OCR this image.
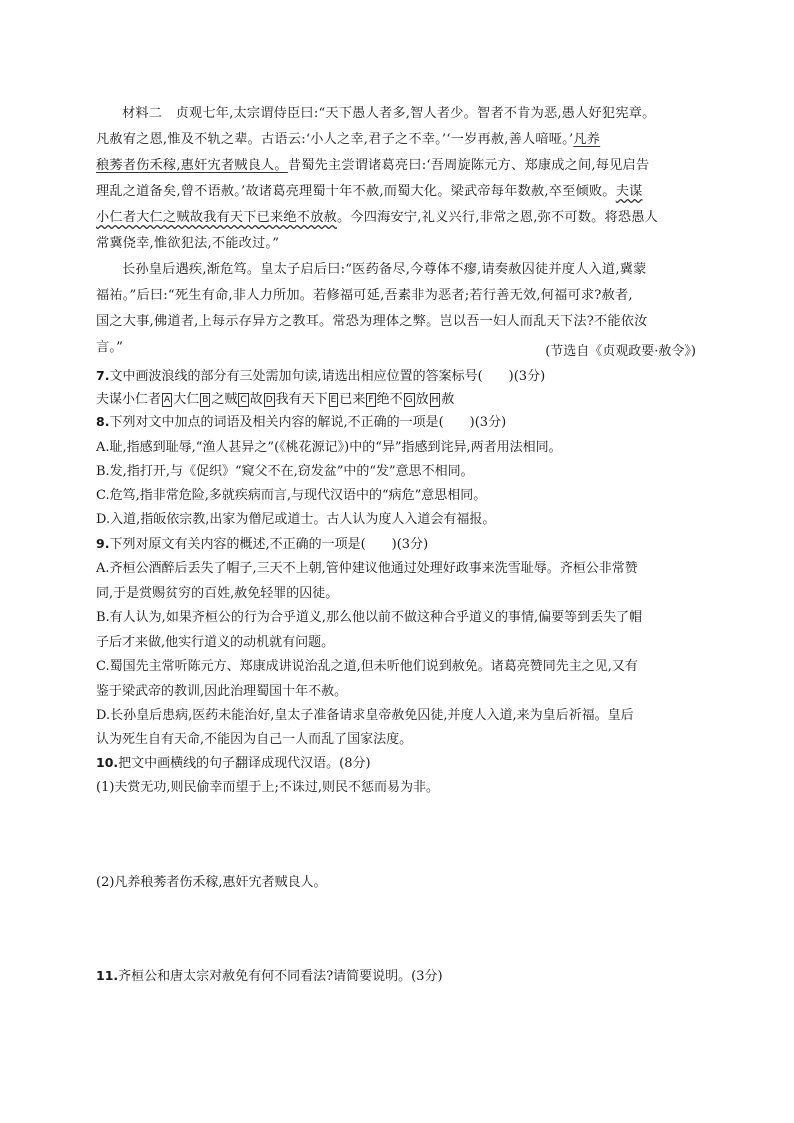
材料二　贞观七年,太宗谓侍臣曰:“天下愚人者多,智人者少。智者不肯为恶,愚人好犯宪章。
凡赦宥之恩,惟及不轨之辈。古语云:‘小人之幸,君子之不幸。’‘一岁再赦,善人喑哑。’凡养
稂莠者伤禾稼,惠奸宄者贼良人。昔蜀先主尝谓诸葛亮曰:‘吾周旋陈元方、郑康成之间,每见启告
理乱之道备矣,曾不语赦。’故诸葛亮理蜀十年不赦,而蜀大化。梁武帝每年数赦,卒至倾败。夫谋
小仁者大仁之贼故我有天下已来绝不放赦。今四海安宁,礼义兴行,非常之恩,弥不可数。将恐愚人
常冀侥幸,惟欲犯法,不能改过。”
长孙皇后遇疾,渐危笃。皇太子启后曰:“医药备尽,今尊体不瘳,请奏赦囚徒并度人入道,冀蒙
福祐。”后曰:“死生有命,非人力所加。若修福可延,吾素非为恶者;若行善无效,何福可求?赦者,
国之大事,佛道者,上每示存异方之教耳。常恐为理体之弊。岂以吾一妇人而乱天下法?不能依汝
言。”	(节选自《贞观政要·赦令》)
7.文中画波浪线的部分有三处需加句读,请选出相应位置的答案标号(　　)(3分)
夫谋小仁者 A 大仁 B 之贼 C 故 D 我有天下 E 已来 F 绝不 G 放 H 赦
8.下列对文中加点的词语及相关内容的解说,不正确的一项是(　　)(3分)
A.耻,指感到耻辱,“渔人甚异之”(《桃花源记》)中的“异”指感到诧异,两者用法相同。
B.发,指打开,与《促织》“窥父不在,窃发盆”中的“发”意思不相同。
C.危笃,指非常危险,多就疾病而言,与现代汉语中的“病危”意思相同。
D.入道,指皈依宗教,出家为僧尼或道士。古人认为度人入道会有福报。
9.下列对原文有关内容的概述,不正确的一项是(　　)(3分)
A.齐桓公酒醉后丢失了帽子,三天不上朝,管仲建议他通过处理好政事来洗雪耻辱。齐桓公非常赞
同,于是赏赐贫穷的百姓,赦免轻罪的囚徒。
B.有人认为,如果齐桓公的行为合乎道义,那么他以前不做这种合乎道义的事情,偏要等到丢失了帽
子后才来做,他实行道义的动机就有问题。
C.蜀国先主常听陈元方、郑康成讲说治乱之道,但未听他们说到赦免。诸葛亮赞同先主之见,又有
鉴于梁武帝的教训,因此治理蜀国十年不赦。
D.长孙皇后患病,医药未能治好,皇太子准备请求皇帝赦免囚徒,并度人入道,来为皇后祈福。皇后
认为死生自有天命,不能因为自己一人而乱了国家法度。
10.把文中画横线的句子翻译成现代汉语。(8分)
(1)夫赏无功,则民偷幸而望于上;不诛过,则民不惩而易为非。
(2)凡养稂莠者伤禾稼,惠奸宄者贼良人。
11.齐桓公和唐太宗对赦免有何不同看法?请简要说明。(3分)
